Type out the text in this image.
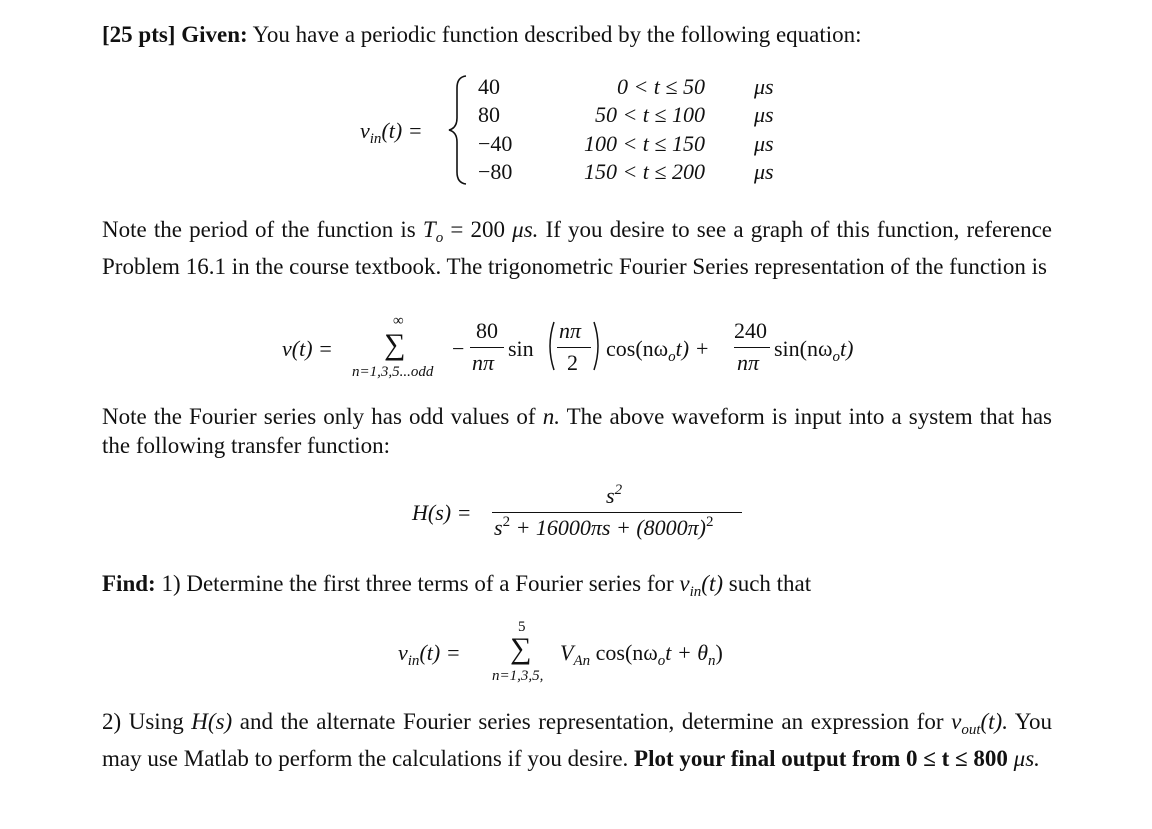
[25 pts] Given: You have a periodic function described by the following equation:
$v_{in}(t)$ =
40
80
−40
−80
0 < t ≤ 50
50 < t ≤ 100
100 < t ≤ 150
150 < t ≤ 200
μs
μs
μs
μs
Note the period of the function is $T_o = 200$ μs. If you desire to see a graph of this function, reference Problem 16.1 in the course textbook. The trigonometric Fourier Series representation of the function is
v(t) =
∞
∑
n=1,3,5...odd
−
80
nπ
sin
nπ
2
$\cos(n\omega_ot)$ +
240
nπ
$\sin(n\omega_ot)$
Note the Fourier series only has odd values of n. The above waveform is input into a system that has the following transfer function:
H(s) =
$s^2$
$s^2 + 16000\pi s + (8000\pi)^2$
Find: 1) Determine the first three terms of a Fourier series for $v_{in}(t)$ such that
$v_{in}(t)$ =
5
∑
n=1,3,5,
$V_{An}$ $\cos(n\omega_ot + \theta_n)$
2) Using H(s) and the alternate Fourier series representation, determine an expression for $v_{out}(t)$. You may use Matlab to perform the calculations if you desire. Plot your final output from 0 ≤ t ≤ 800 μs.
